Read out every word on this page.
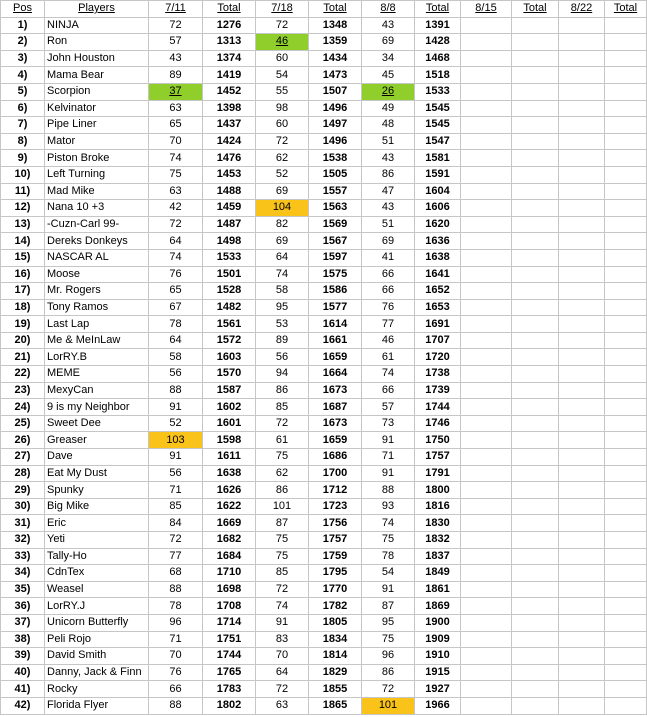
Pos	Players	7/11	Total	7/18	Total	8/8	Total	8/15	Total	8/22	Total
1)	NINJA	72	1276	72	1348	43	1391				
2)	Ron	57	1313	46	1359	69	1428				
3)	John Houston	43	1374	60	1434	34	1468				
4)	Mama Bear	89	1419	54	1473	45	1518				
5)	Scorpion	37	1452	55	1507	26	1533				
6)	Kelvinator	63	1398	98	1496	49	1545				
7)	Pipe Liner	65	1437	60	1497	48	1545				
8)	Mator	70	1424	72	1496	51	1547				
9)	Piston Broke	74	1476	62	1538	43	1581				
10)	Left Turning	75	1453	52	1505	86	1591				
11)	Mad Mike	63	1488	69	1557	47	1604				
12)	Nana 10 +3	42	1459	104	1563	43	1606				
13)	-Cuzn-Carl 99-	72	1487	82	1569	51	1620				
14)	Dereks Donkeys	64	1498	69	1567	69	1636				
15)	NASCAR AL	74	1533	64	1597	41	1638				
16)	Moose	76	1501	74	1575	66	1641				
17)	Mr. Rogers	65	1528	58	1586	66	1652				
18)	Tony Ramos	67	1482	95	1577	76	1653				
19)	Last Lap	78	1561	53	1614	77	1691				
20)	Me & MeInLaw	64	1572	89	1661	46	1707				
21)	LorRY.B	58	1603	56	1659	61	1720				
22)	MEME	56	1570	94	1664	74	1738				
23)	MexyCan	88	1587	86	1673	66	1739				
24)	9 is my Neighbor	91	1602	85	1687	57	1744				
25)	Sweet Dee	52	1601	72	1673	73	1746				
26)	Greaser	103	1598	61	1659	91	1750				
27)	Dave	91	1611	75	1686	71	1757				
28)	Eat My Dust	56	1638	62	1700	91	1791				
29)	Spunky	71	1626	86	1712	88	1800				
30)	Big Mike	85	1622	101	1723	93	1816				
31)	Eric	84	1669	87	1756	74	1830				
32)	Yeti	72	1682	75	1757	75	1832				
33)	Tally-Ho	77	1684	75	1759	78	1837				
34)	CdnTex	68	1710	85	1795	54	1849				
35)	Weasel	88	1698	72	1770	91	1861				
36)	LorRY.J	78	1708	74	1782	87	1869				
37)	Unicorn Butterfly	96	1714	91	1805	95	1900				
38)	Peli Rojo	71	1751	83	1834	75	1909				
39)	David Smith	70	1744	70	1814	96	1910				
40)	Danny, Jack & Finn	76	1765	64	1829	86	1915				
41)	Rocky	66	1783	72	1855	72	1927				
42)	Florida Flyer	88	1802	63	1865	101	1966				
